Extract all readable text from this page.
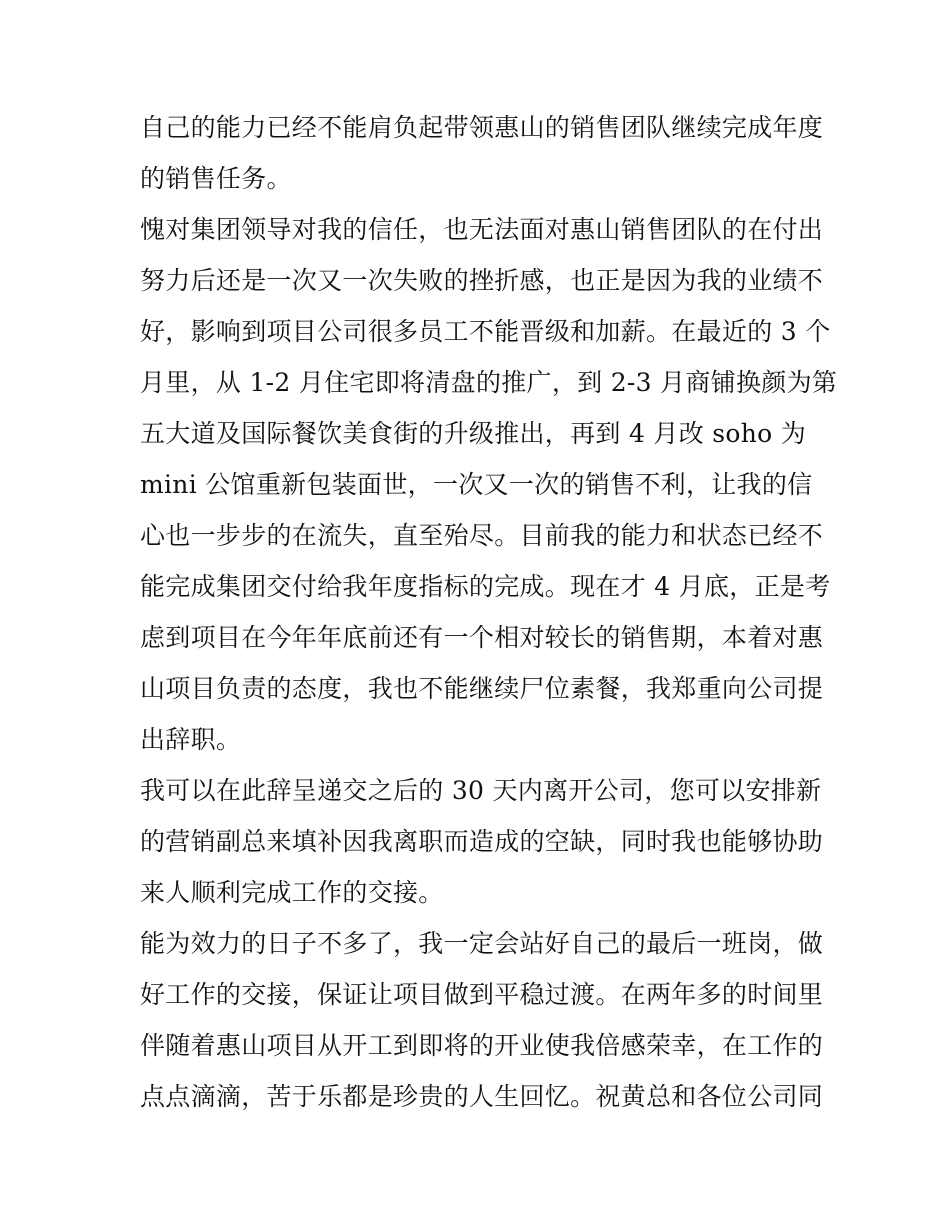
自己的能力已经不能肩负起带领惠山的销售团队继续完成年度
的销售任务。
愧对集团领导对我的信任，也无法面对惠山销售团队的在付出
努力后还是一次又一次失败的挫折感，也正是因为我的业绩不
好，影响到项目公司很多员工不能晋级和加薪。在最近的 3 个
月里，从 1-2 月住宅即将清盘的推广，到 2-3 月商铺换颜为第
五大道及国际餐饮美食街的升级推出，再到 4 月改 soho 为
mini 公馆重新包装面世，一次又一次的销售不利，让我的信
心也一步步的在流失，直至殆尽。目前我的能力和状态已经不
能完成集团交付给我年度指标的完成。现在才 4 月底，正是考
虑到项目在今年年底前还有一个相对较长的销售期，本着对惠
山项目负责的态度，我也不能继续尸位素餐，我郑重向公司提
出辞职。
我可以在此辞呈递交之后的 30 天内离开公司，您可以安排新
的营销副总来填补因我离职而造成的空缺，同时我也能够协助
来人顺利完成工作的交接。
能为效力的日子不多了，我一定会站好自己的最后一班岗，做
好工作的交接，保证让项目做到平稳过渡。在两年多的时间里
伴随着惠山项目从开工到即将的开业使我倍感荣幸，在工作的
点点滴滴，苦于乐都是珍贵的人生回忆。祝黄总和各位公司同
